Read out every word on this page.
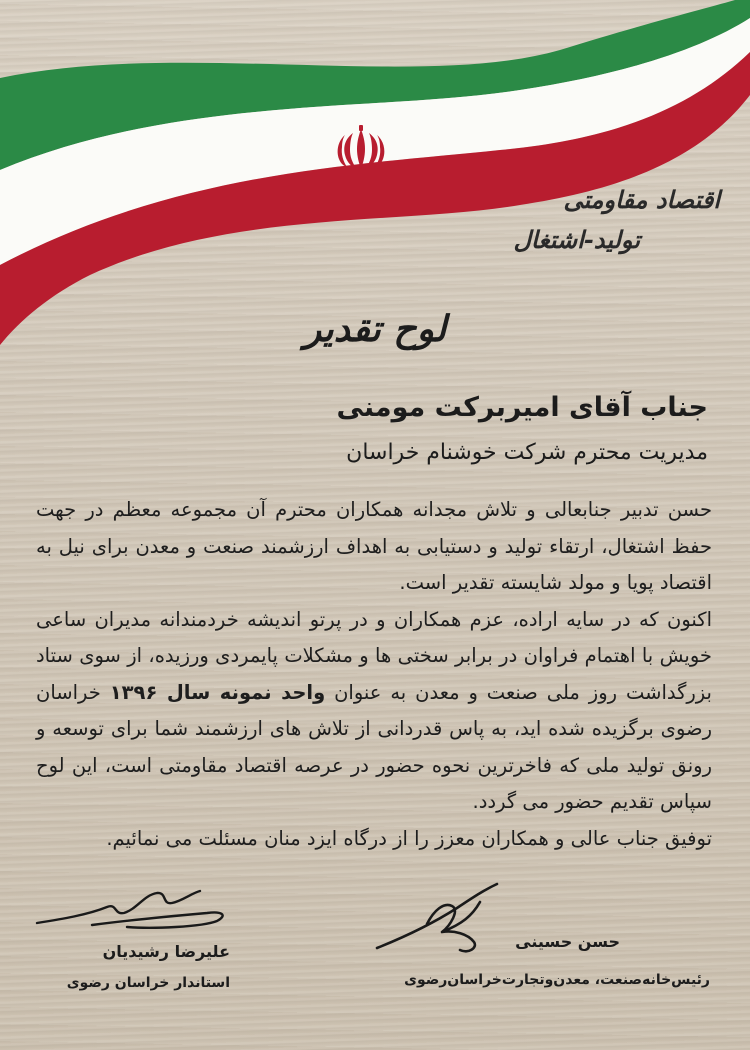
اقتصاد مقاومتی
تولید-اشتغال
لوح تقدیر
جناب آقای امیربرکت مومنی
مدیریت محترم شرکت خوشنام خراسان

حسن تدبیر جنابعالی و تلاش مجدانه همکاران محترم آن مجموعه معظم در جهت حفظ اشتغال، ارتقاء تولید و دستیابی به اهداف ارزشمند صنعت و معدن برای نیل به اقتصاد پویا و مولد شایسته تقدیر است.

اکنون که در سایه اراده، عزم همکاران و در پرتو اندیشه خردمندانه مدیران ساعی خویش با اهتمام فراوان در برابر سختی ها و مشکلات پایمردی ورزیده، از سوی ستاد بزرگداشت روز ملی صنعت و معدن به عنوان واحد نمونه سال ۱۳۹۶ خراسان رضوی برگزیده شده اید، به پاس قدردانی از تلاش های ارزشمند شما برای توسعه و رونق تولید ملی که فاخرترین نحوه حضور در عرصه اقتصاد مقاومتی است، این لوح سپاس تقدیم حضور می گردد.

توفیق جناب عالی و همکاران معزز را از درگاه ایزد منان مسئلت می نمائیم.

علیرضا رشیدیان
استاندار خراسان رضوی
حسن حسینی
رئیس‌خانه‌صنعت، معدن‌وتجارت‌خراسان‌رضوی
